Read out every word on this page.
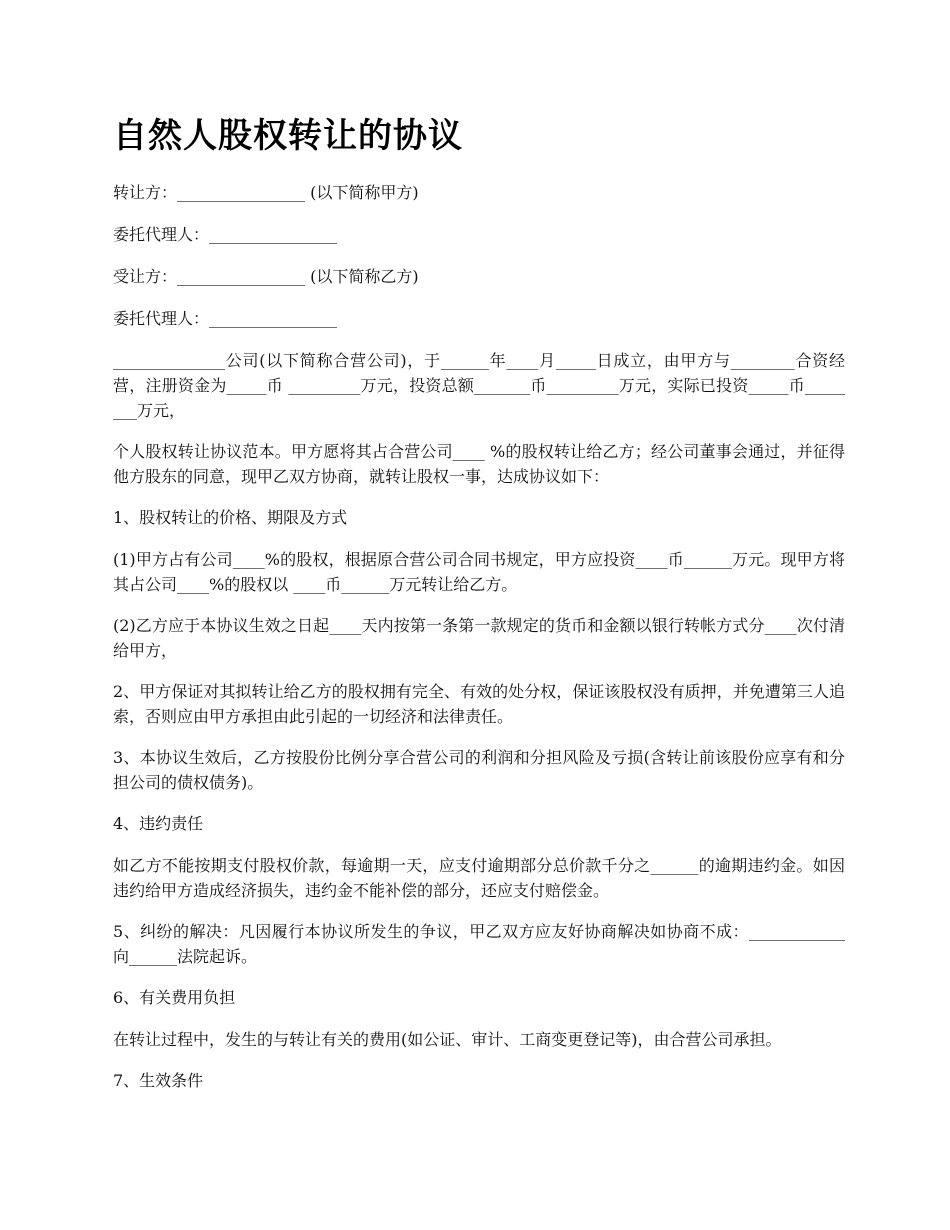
自然人股权转让的协议

转让方：________________ (以下简称甲方)

委托代理人：________________

受让方：________________ (以下简称乙方)

委托代理人：________________

______________公司(以下简称合营公司)，于______年____月_____日成立，由甲方与________合资经营，注册资金为_____币 _________万元，投资总额_______币_________万元，实际已投资_____币________万元，

个人股权转让协议范本。甲方愿将其占合营公司____ %的股权转让给乙方；经公司董事会通过，并征得他方股东的同意，现甲乙双方协商，就转让股权一事，达成协议如下：

1、股权转让的价格、期限及方式

(1)甲方占有公司____%的股权，根据原合营公司合同书规定，甲方应投资____币______万元。现甲方将其占公司____%的股权以 ____币______万元转让给乙方。

(2)乙方应于本协议生效之日起____天内按第一条第一款规定的货币和金额以银行转帐方式分____次付清给甲方，

2、甲方保证对其拟转让给乙方的股权拥有完全、有效的处分权，保证该股权没有质押，并免遭第三人追索，否则应由甲方承担由此引起的一切经济和法律责任。

3、本协议生效后，乙方按股份比例分享合营公司的利润和分担风险及亏损(含转让前该股份应享有和分担公司的债权债务)。

4、违约责任

如乙方不能按期支付股权价款，每逾期一天，应支付逾期部分总价款千分之______的逾期违约金。如因违约给甲方造成经济损失，违约金不能补偿的部分，还应支付赔偿金。

5、纠纷的解决：凡因履行本协议所发生的争议，甲乙双方应友好协商解决如协商不成：____________ 向______法院起诉。

6、有关费用负担

在转让过程中，发生的与转让有关的费用(如公证、审计、工商变更登记等)，由合营公司承担。

7、生效条件
